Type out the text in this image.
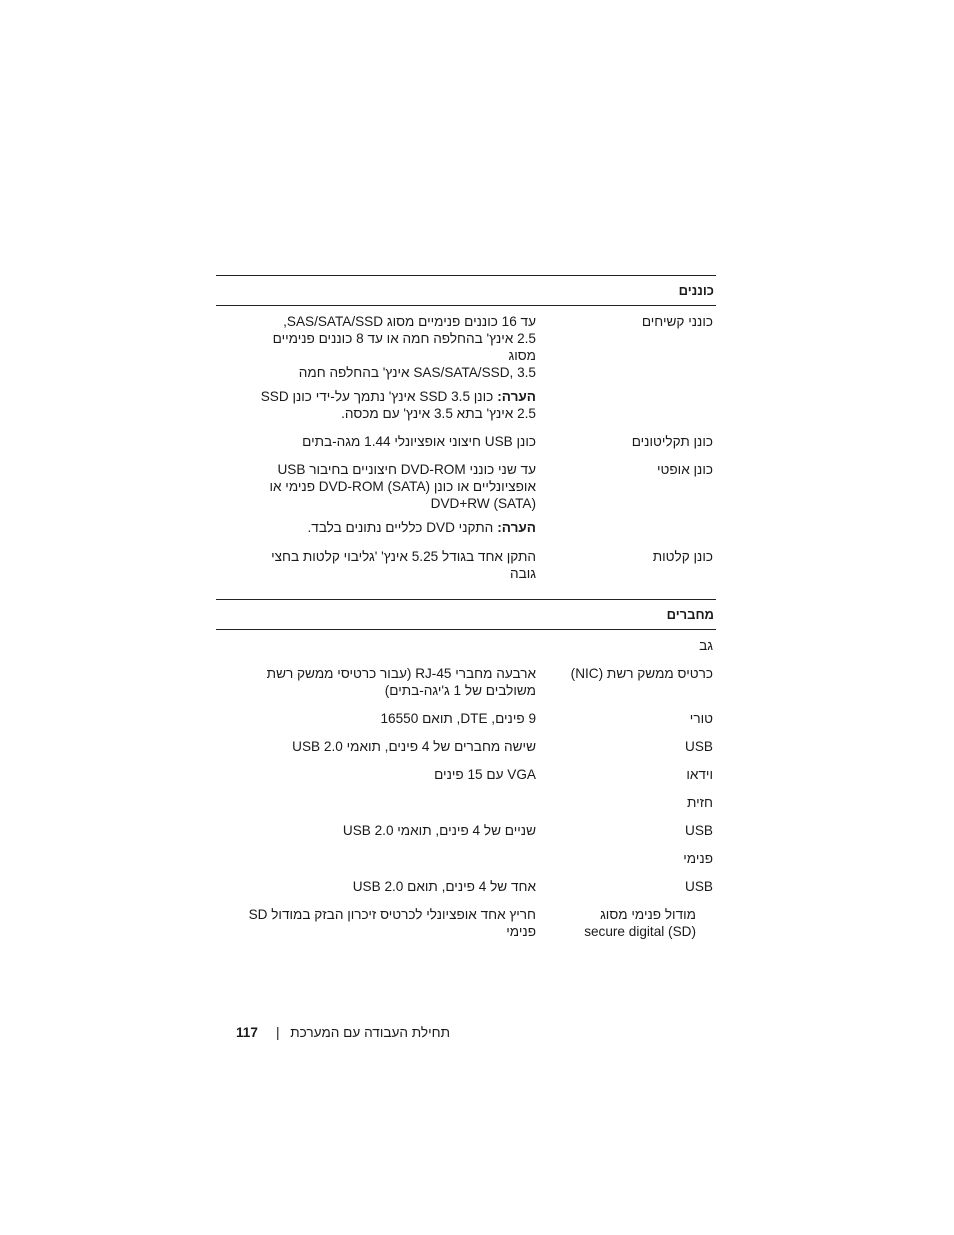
כוננים
כונני קשיחים
עד 16 כוננים פנימיים מסוג SAS/SATA/SSD,
2.5 אינץ' בהחלפה חמה או עד 8 כוננים פנימיים מסוג
SAS/SATA/SSD, 3.5 אינץ' בהחלפה חמה
הערה:כונן SSD 3.5 אינץ' נתמך על-ידי כונן SSD
2.5 אינץ' בתא 3.5 אינץ' עם מכסה.
כונן תקליטונים
כונן USB חיצוני אופציונלי 1.44 מגה-בתים
כונן אופטי
עד שני כונני DVD-ROM חיצוניים בחיבור USB
אופציונליים או כונן DVD-ROM (SATA) פנימי או
DVD+RW (SATA)
הערה:התקני DVD כלליים נתונים בלבד.
כונן קלטות
התקן אחד בגודל 5.25 אינץ' 'גליבוי קלטות בחצי גובה
מחברים
גב
כרטיס ממשק רשת (NIC)
ארבעה מחברי RJ-45 (עבור כרטיסי ממשק רשת
משולבים של 1 ג'יגה-בתים)
טורי
9 פינים, DTE, תואם 16550
USB
שישה מחברים של 4 פינים, תואמי USB 2.0
וידאו
VGA עם 15 פינים
חזית
USB
שניים של 4 פינים, תואמי USB 2.0
פנימי
USB
אחד של 4 פינים, תואם USB 2.0
מודול פנימי מסוג
secure digital (SD)
חריץ אחד אופציונלי לכרטיס זיכרון הבזק במודול SD
פנימי
117 | תחילת העבודה עם המערכת
